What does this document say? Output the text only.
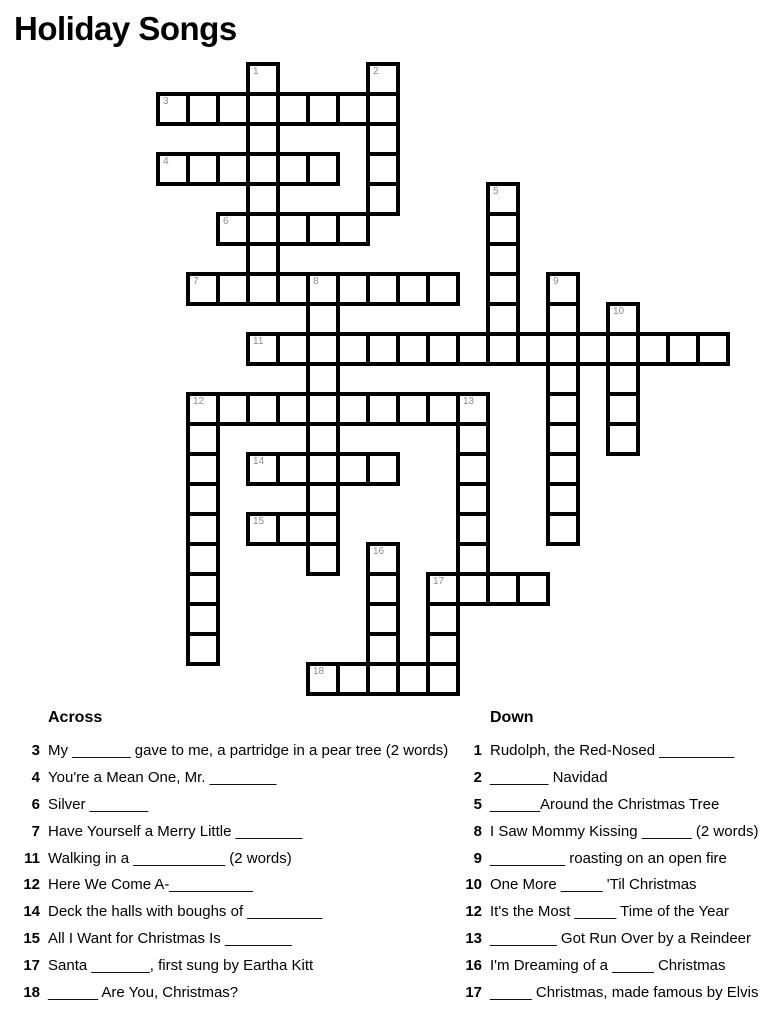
Holiday Songs
1	2
3
4
5
6
7	8	9
10
11
12	13
14
15
16
17
18
Across
3 My _______ gave to me, a partridge in a pear tree (2 words)
4 You're a Mean One, Mr. ________
6 Silver _______
7 Have Yourself a Merry Little ________
11 Walking in a ___________ (2 words)
12 Here We Come A-__________
14 Deck the halls with boughs of _________
15 All I Want for Christmas Is ________
17 Santa _______, first sung by Eartha Kitt
18 ______ Are You, Christmas?
Down
1 Rudolph, the Red-Nosed _________
2 _______ Navidad
5 ______Around the Christmas Tree
8 I Saw Mommy Kissing ______ (2 words)
9 _________ roasting on an open fire
10 One More _____ 'Til Christmas
12 It's the Most _____ Time of the Year
13 ________ Got Run Over by a Reindeer
16 I'm Dreaming of a _____ Christmas
17 _____ Christmas, made famous by Elvis
